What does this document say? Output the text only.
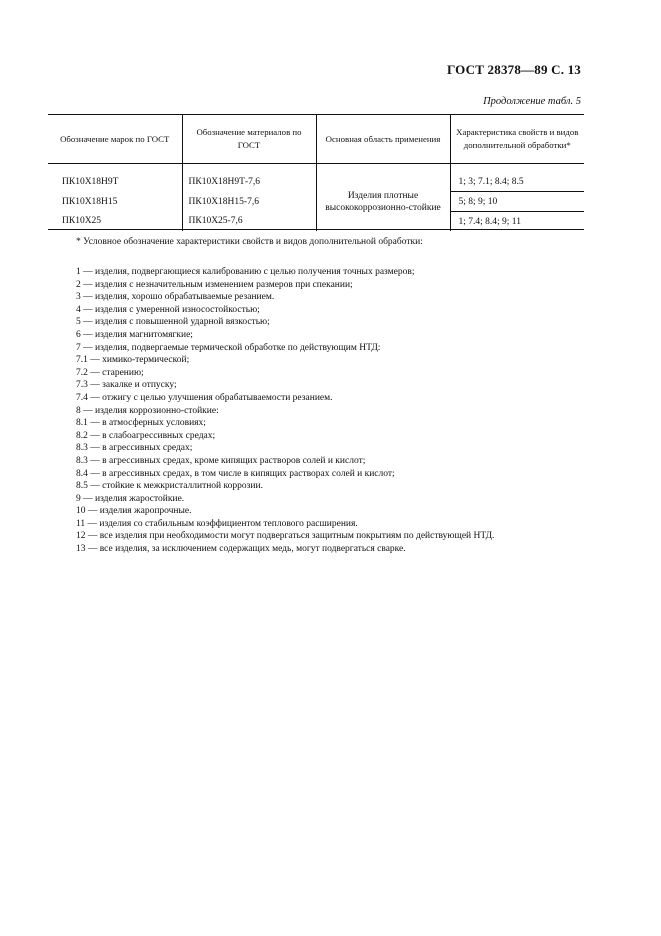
ГОСТ 28378—89 С. 13
Продолжение табл. 5
Обозначение марок по ГОСТ	Обозначение материалов по ГОСТ	Основная область применения	Характеристика свойств и видов дополнительной обработки*

ПК10Х18Н9Т	ПК10Х18Н9Т-7,6	Изделия плотные высококоррозионно-стойкие	1; 3; 7.1; 8.4; 8.5
ПК10Х18Н15	ПК10Х18Н15-7,6		5; 8; 9; 10
ПК10Х25	ПК10Х25-7,6		1; 7.4; 8.4; 9; 11
* Условное обозначение характеристики свойств и видов дополнительной обработки:
1 — изделия, подвергающиеся калиброванию с целью получения точных размеров;
2 — изделия с незначительным изменением размеров при спекании;
3 — изделия, хорошо обрабатываемые резанием.
4 — изделия с умеренной износостойкостью;
5 — изделия с повышенной ударной вязкостью;
6 — изделия магнитомягкие;
7 — изделия, подвергаемые термической обработке по действующим НТД:
7.1 — химико-термической;
7.2 — старению;
7.3 — закалке и отпуску;
7.4 — отжигу с целью улучшения обрабатываемости резанием.
8 — изделия коррозионно-стойкие:
8.1 — в атмосферных условиях;
8.2 — в слабоагрессивных средах;
8.3 — в агрессивных средах;
8.3 — в агрессивных средах, кроме кипящих растворов солей и кислот;
8.4 — в агрессивных средах, в том числе в кипящих растворах солей и кислот;
8.5 — стойкие к межкристаллитной коррозии.
9 — изделия жаростойкие.
10 — изделия жаропрочные.
11 — изделия со стабильным коэффициентом теплового расширения.
12 — все изделия при необходимости могут подвергаться защитным покрытиям по действующей НТД.
13 — все изделия, за исключением содержащих медь, могут подвергаться сварке.
